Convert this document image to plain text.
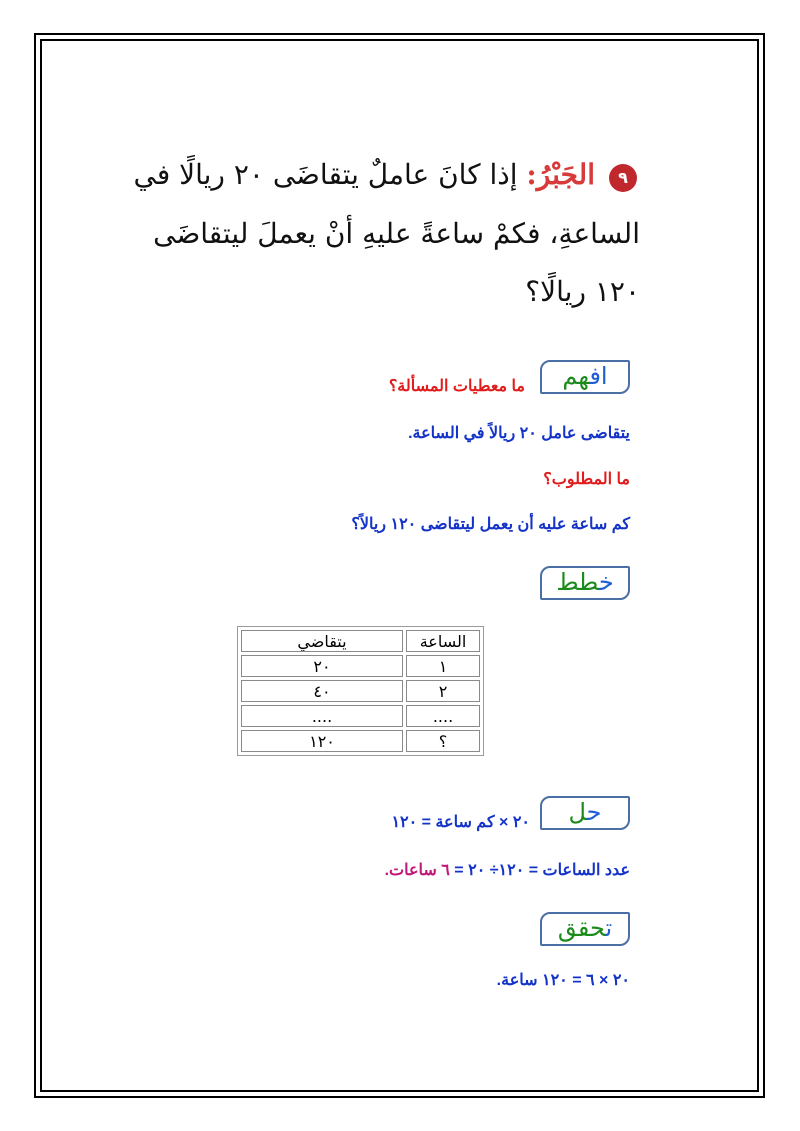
٩
الجَبْرُ: إذا كانَ عاملٌ يتقاضَى ٢٠ ريالًا في
الساعةِ، فكمْ ساعةً عليهِ أنْ يعملَ ليتقاضَى
١٢٠ ريالًا؟
افهم
ما معطيات المسألة؟
يتقاضى عامل ٢٠ ريالاً في الساعة.
ما المطلوب؟
كم ساعة عليه أن يعمل ليتقاضى ١٢٠ ريالاً؟
خطط
الساعة	يتقاضي
١	٢٠
٢	٤٠
....	....
؟	١٢٠
حل
٢٠ × كم ساعة = ١٢٠
عدد الساعات = ١٢٠÷ ٢٠ = ٦ ساعات.
تحقق
٢٠ × ٦ = ١٢٠ ساعة.
